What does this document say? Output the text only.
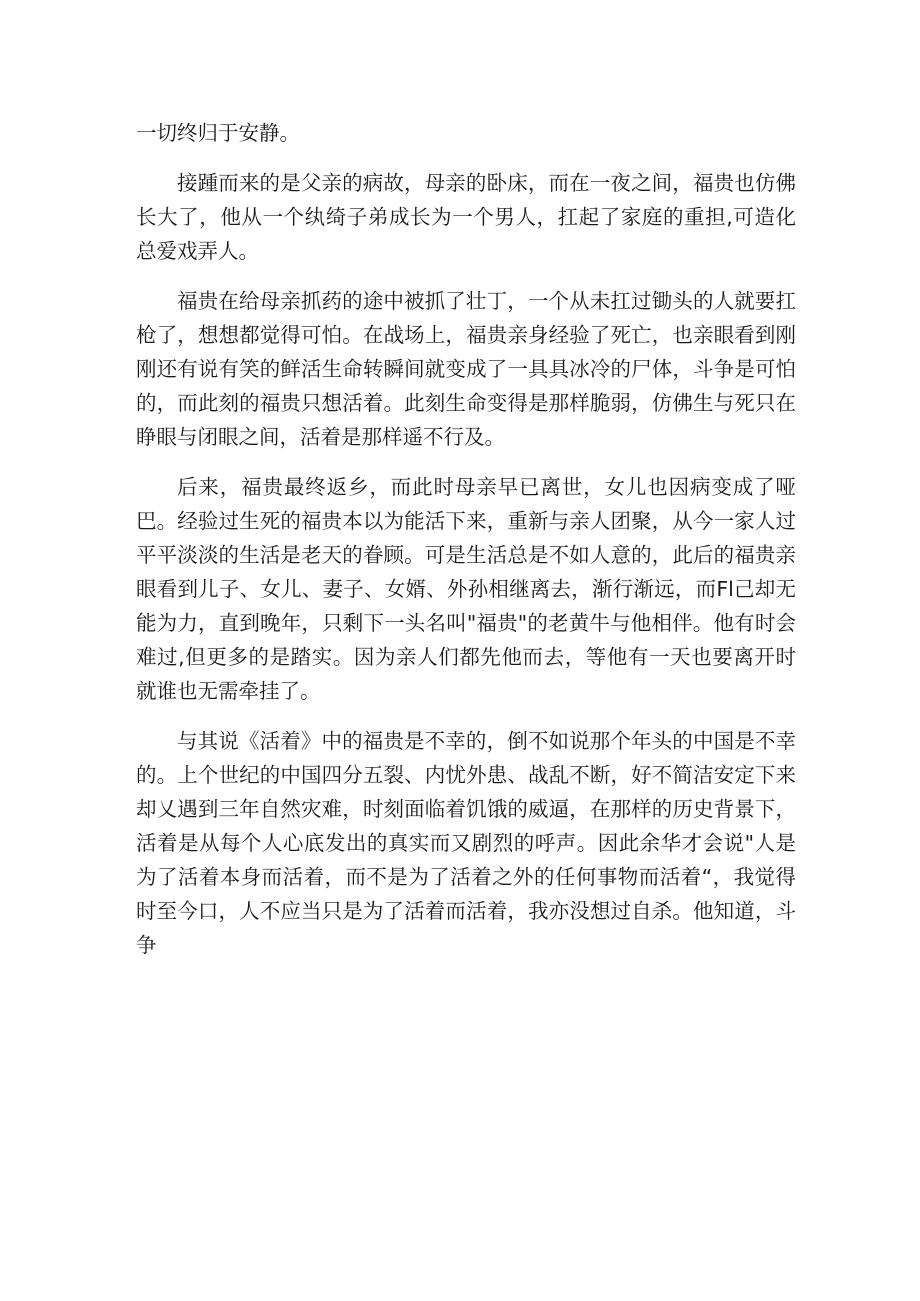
一切终归于安静。

接踵而来的是父亲的病故，母亲的卧床，而在一夜之间，福贵也仿佛长大了，他从一个纨绮子弟成长为一个男人，扛起了家庭的重担,可造化总爱戏弄人。

福贵在给母亲抓药的途中被抓了壮丁，一个从未扛过锄头的人就要扛枪了，想想都觉得可怕。在战场上，福贵亲身经验了死亡，也亲眼看到刚刚还有说有笑的鲜活生命转瞬间就变成了一具具冰冷的尸体，斗争是可怕的，而此刻的福贵只想活着。此刻生命变得是那样脆弱，仿佛生与死只在睁眼与闭眼之间，活着是那样遥不行及。

后来，福贵最终返乡，而此时母亲早已离世，女儿也因病变成了哑巴。经验过生死的福贵本以为能活下来，重新与亲人团聚，从今一家人过平平淡淡的生活是老天的眷顾。可是生活总是不如人意的，此后的福贵亲眼看到儿子、女儿、妻子、女婿、外孙相继离去，渐行渐远，而Fl己却无能为力，直到晚年，只剩下一头名叫"福贵"的老黄牛与他相伴。他有时会难过,但更多的是踏实。因为亲人们都先他而去，等他有一天也要离开时就谁也无需牵挂了。

与其说《活着》中的福贵是不幸的，倒不如说那个年头的中国是不幸的。上个世纪的中国四分五裂、内忧外患、战乱不断，好不简洁安定下来却乂遇到三年自然灾难，时刻面临着饥饿的威逼，在那样的历史背景下，活着是从每个人心底发出的真实而又剧烈的呼声。因此余华才会说"人是为了活着本身而活着，而不是为了活着之外的任何事物而活着“，我觉得时至今口，人不应当只是为了活着而活着，我亦没想过自杀。他知道，斗争
